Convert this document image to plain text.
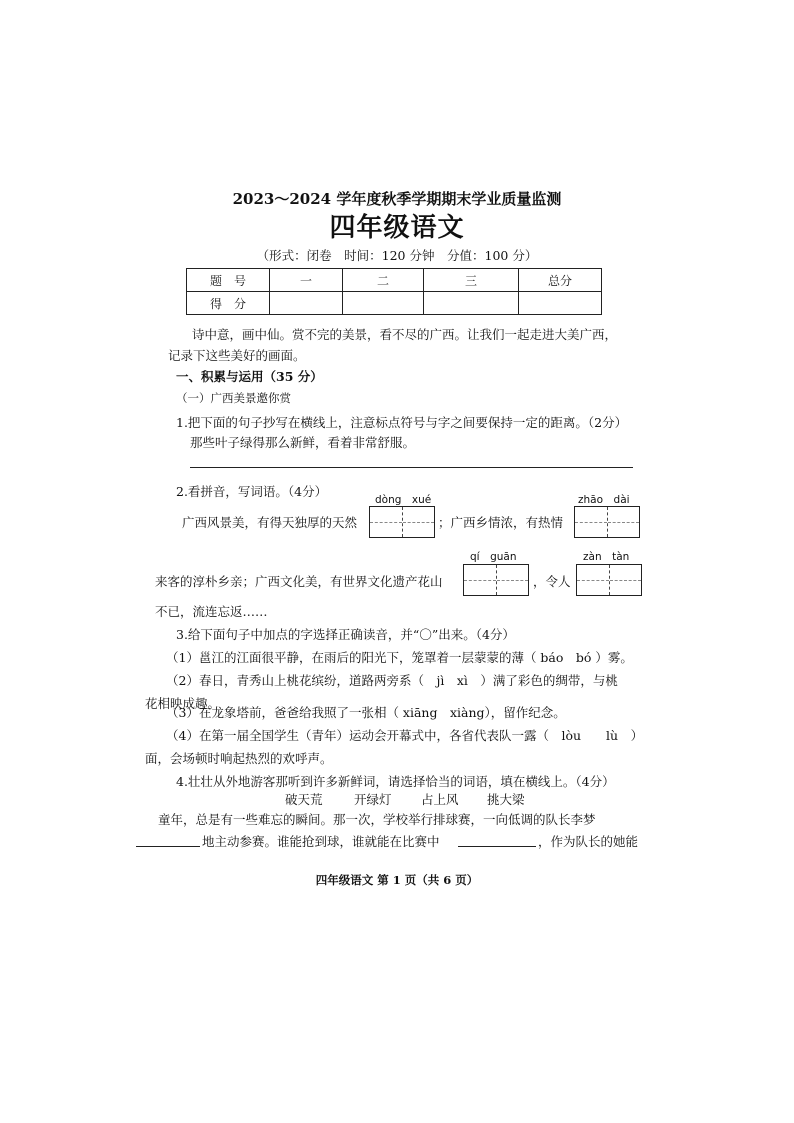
2023～2024 学年度秋季学期期末学业质量监测
四年级语文
（形式：闭卷　时间：120 分钟　分值：100 分）
题　号	一	二	三	总分
得　分				
诗中意，画中仙。赏不完的美景，看不尽的广西。让我们一起走进大美广西，
记录下这些美好的画面。
一、积累与运用（35 分）
（一）广西美景邀你赏
1.把下面的句子抄写在横线上，注意标点符号与字之间要保持一定的距离。（2分）
那些叶子绿得那么新鲜，看着非常舒服。
2.看拼音，写词语。（4分）
dòng　xué	zhāo　dài
广西风景美，有得天独厚的天然	；广西乡情浓，有热情
qí　guān	zàn　tàn
来客的淳朴乡亲；广西文化美，有世界文化遗产花山	，令人
不已，流连忘返……
3.给下面句子中加点的字选择正确读音，并“〇”出来。（4分）
（1）邕江的江面很平静，在雨后的阳光下，笼罩着一层蒙蒙的薄（ báo　bó ）雾。
（2）春日，青秀山上桃花缤纷，道路两旁系（　jì　xì　）满了彩色的绸带，与桃
花相映成趣。
（3）在龙象塔前，爸爸给我照了一张相（ xiāng　xiàng），留作纪念。
（4）在第一届全国学生（青年）运动会开幕式中，各省代表队一露（　lòu　　lù　）
面，会场顿时响起热烈的欢呼声。
4.壮壮从外地游客那听到许多新鲜词，请选择恰当的词语，填在横线上。（4分）
破天荒	开绿灯 占上风 挑大梁
童年，总是有一些难忘的瞬间。那一次，学校举行排球赛，一向低调的队长李梦
地主动参赛。谁能抢到球，谁就能在比赛中	，作为队长的她能
四年级语文 第 1 页（共 6 页）
